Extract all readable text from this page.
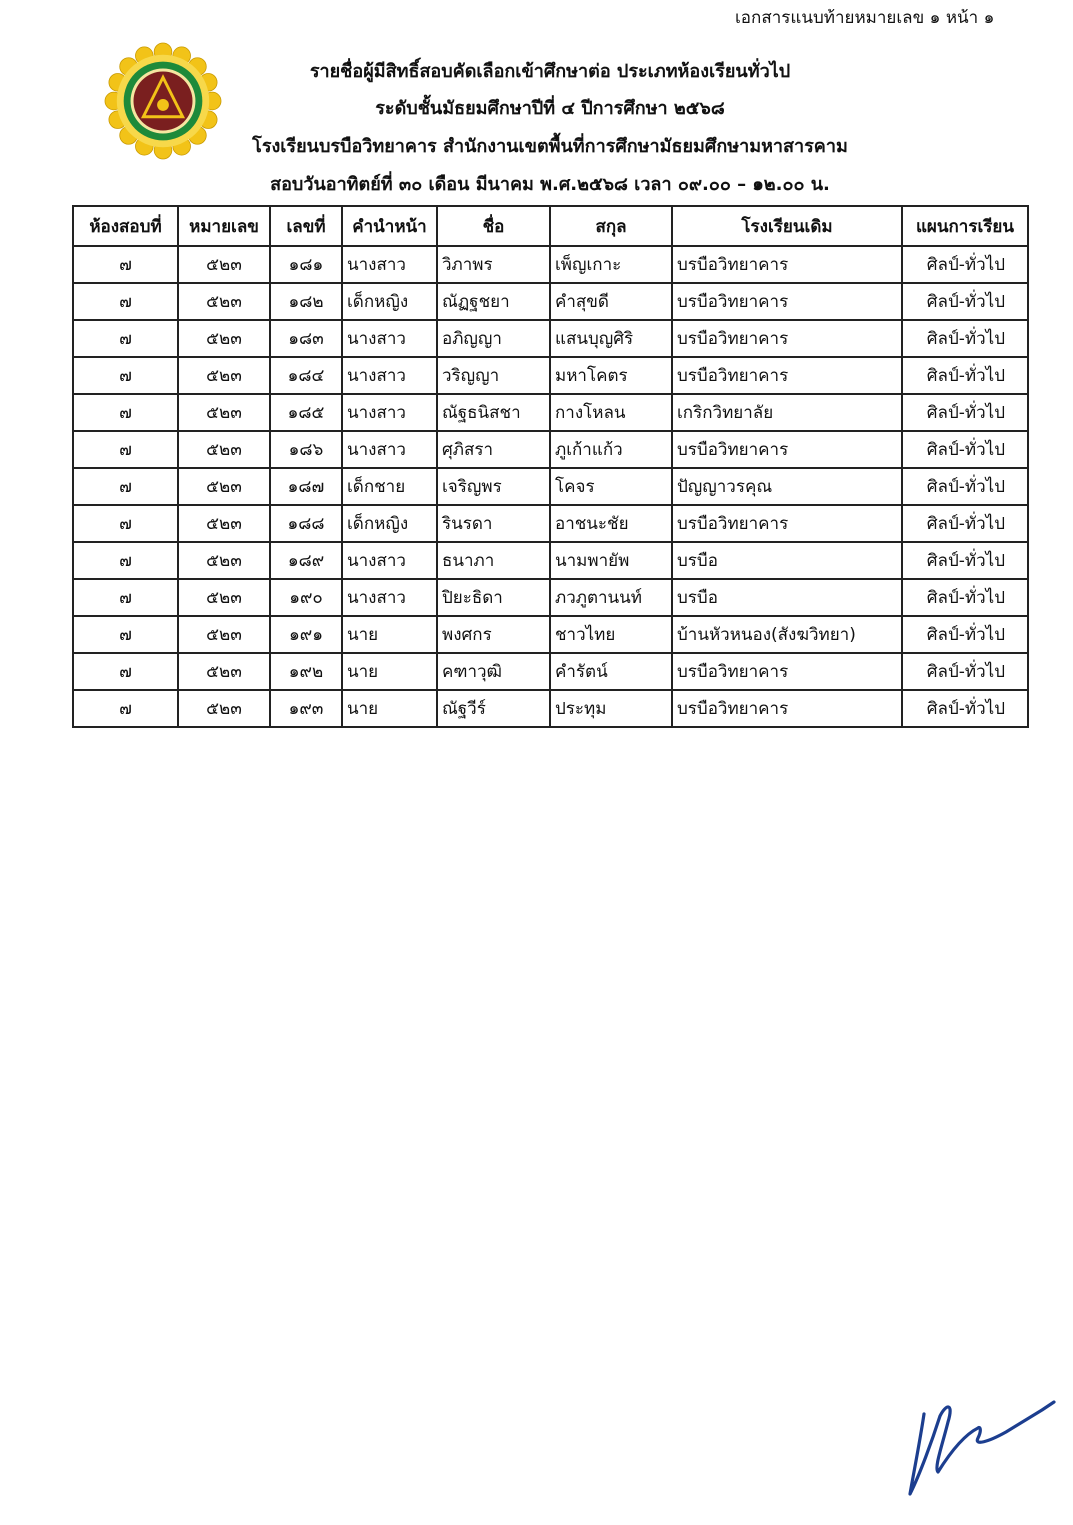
เอกสารแนบท้ายหมายเลข ๑ หน้า ๑
รายชื่อผู้มีสิทธิ์สอบคัดเลือกเข้าศึกษาต่อ ประเภทห้องเรียนทั่วไป
ระดับชั้นมัธยมศึกษาปีที่ ๔ ปีการศึกษา ๒๕๖๘
โรงเรียนบรบือวิทยาคาร สำนักงานเขตพื้นที่การศึกษามัธยมศึกษามหาสารคาม
สอบวันอาทิตย์ที่ ๓๐ เดือน มีนาคม พ.ศ.๒๕๖๘ เวลา ๐๙.๐๐ – ๑๒.๐๐ น.
ห้องสอบที่	หมายเลข	เลขที่	คำนำหน้า	ชื่อ	สกุล	โรงเรียนเดิม	แผนการเรียน
๗	๕๒๓	๑๘๑	นางสาว	วิภาพร	เพ็ญเกาะ	บรบือวิทยาคาร	ศิลป์-ทั่วไป
๗	๕๒๓	๑๘๒	เด็กหญิง	ณัฏฐชยา	คำสุขดี	บรบือวิทยาคาร	ศิลป์-ทั่วไป
๗	๕๒๓	๑๘๓	นางสาว	อภิญญา	แสนบุญศิริ	บรบือวิทยาคาร	ศิลป์-ทั่วไป
๗	๕๒๓	๑๘๔	นางสาว	วริญญา	มหาโคตร	บรบือวิทยาคาร	ศิลป์-ทั่วไป
๗	๕๒๓	๑๘๕	นางสาว	ณัฐธนิสชา	กางโหลน	เกริกวิทยาลัย	ศิลป์-ทั่วไป
๗	๕๒๓	๑๘๖	นางสาว	ศุภิสรา	ภูเก้าแก้ว	บรบือวิทยาคาร	ศิลป์-ทั่วไป
๗	๕๒๓	๑๘๗	เด็กชาย	เจริญพร	โคจร	ปัญญาวรคุณ	ศิลป์-ทั่วไป
๗	๕๒๓	๑๘๘	เด็กหญิง	รินรดา	อาชนะชัย	บรบือวิทยาคาร	ศิลป์-ทั่วไป
๗	๕๒๓	๑๘๙	นางสาว	ธนาภา	นามพายัพ	บรบือ	ศิลป์-ทั่วไป
๗	๕๒๓	๑๙๐	นางสาว	ปิยะธิดา	ภวภูตานนท์	บรบือ	ศิลป์-ทั่วไป
๗	๕๒๓	๑๙๑	นาย	พงศกร	ชาวไทย	บ้านหัวหนอง(สังฆวิทยา)	ศิลป์-ทั่วไป
๗	๕๒๓	๑๙๒	นาย	คฑาวุฒิ	คำรัตน์	บรบือวิทยาคาร	ศิลป์-ทั่วไป
๗	๕๒๓	๑๙๓	นาย	ณัฐวีร์	ประทุม	บรบือวิทยาคาร	ศิลป์-ทั่วไป
